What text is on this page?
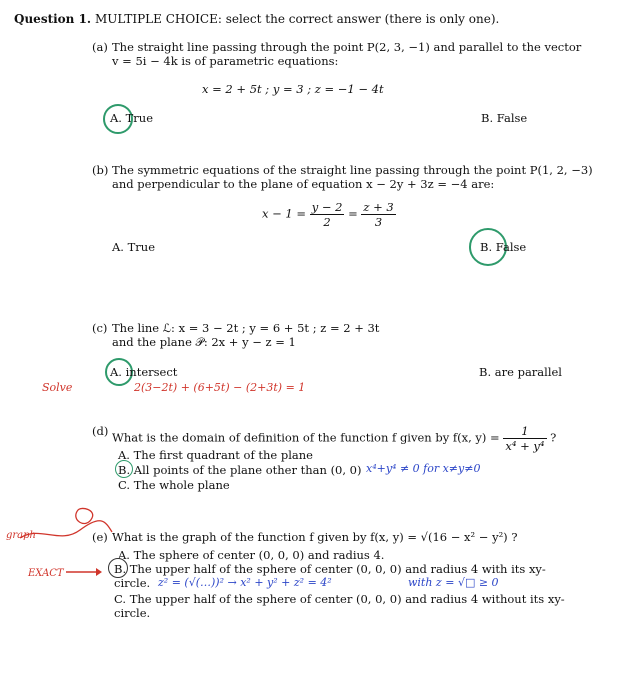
Question 1. MULTIPLE CHOICE: select the correct answer (there is only one).
(a) The straight line passing through the point P(2, 3, −1) and parallel to the vector
v = 5i − 4k is of parametric equations:
x = 2 + 5t ; y = 3 ; z = −1 − 4t
A. True	B. False
(b) The symmetric equations of the straight line passing through the point P(1, 2, −3)
and perpendicular to the plane of equation x − 2y + 3z = −4 are:
$x - 1 = \frac{y - 2}{2} = \frac{z + 3}{3}$
A. True	B. False
(c) The line ℒ: x = 3 − 2t ; y = 6 + 5t ; z = 2 + 3t
and the plane 𝒫: 2x + y − z = 1
A. intersect	B. are parallel
Solve	2(3−2t) + (6+5t) − (2+3t) = 1
(d) What is the domain of definition of the function f given by f(x, $y) = \frac{1}{\text{x⁴ + y⁴}}$ ?
A. The first quadrant of the plane
B. All points of the plane other than (0, 0)
C. The whole plane
x⁴+y⁴ ≠ 0 for x≠y≠0
graph	(e) What is the graph of the function f given by f(x, y) = √(16 − x² − y²) ?
A. The sphere of center (0, 0, 0) and radius 4.
EXACT	B. The upper half of the sphere of center (0, 0, 0) and radius 4 with its xy-
circle. z² = (√(…))² → x² + y² + z² = 4²	with z = √□ ≥ 0
C. The upper half of the sphere of center (0, 0, 0) and radius 4 without its xy-
circle.
